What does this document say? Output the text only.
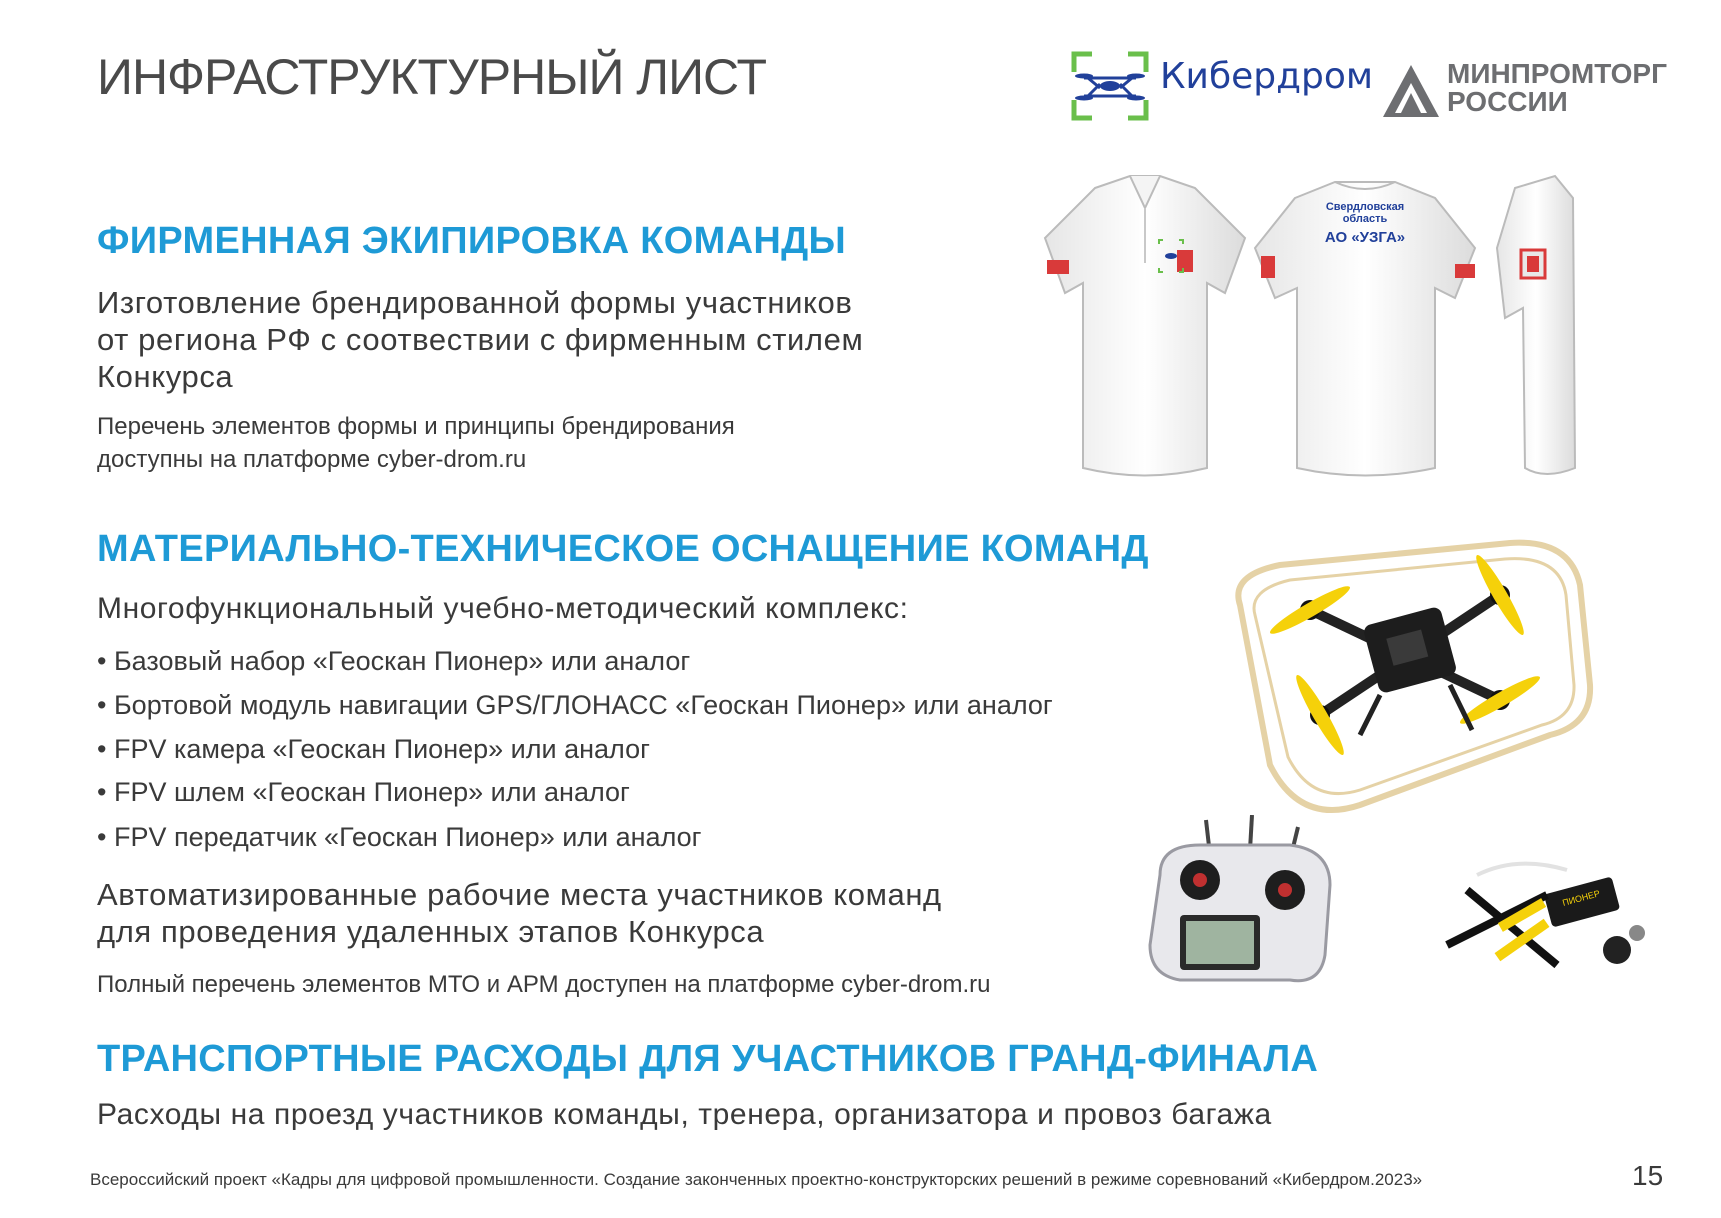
ИНФРАСТРУКТУРНЫЙ ЛИСТ	Кибердром	МИНПРОМТОРГ
РОССИИ
ФИРМЕННАЯ ЭКИПИРОВКА КОМАНДЫ
Изготовление брендированной формы участников
от региона РФ с соотвествии с фирменным стилем
Конкурса
Перечень элементов формы и принципы брендирования
доступны на платформе cyber-drom.ru
Свердловская
область
АО «УЗГА»
МАТЕРИАЛЬНО-ТЕХНИЧЕСКОЕ ОСНАЩЕНИЕ КОМАНД
Многофункциональный учебно-методический комплекс:
• Базовый набор «Геоскан Пионер» или аналог
• Бортовой модуль навигации GPS/ГЛОНАСС «Геоскан Пионер» или аналог
• FPV камера «Геоскан Пионер» или аналог
• FPV шлем «Геоскан Пионер» или аналог
• FPV передатчик «Геоскан Пионер» или аналог
Автоматизированные рабочие места участников команд
для проведения удаленных этапов Конкурса
Полный перечень элементов МТО и АРМ доступен на платформе cyber-drom.ru
ПИОНЕР
ТРАНСПОРТНЫЕ РАСХОДЫ ДЛЯ УЧАСТНИКОВ ГРАНД-ФИНАЛА
Расходы на проезд участников команды, тренера, организатора и провоз багажа
Всероссийский проект «Кадры для цифровой промышленности. Создание законченных проектно-конструкторских решений в режиме соревнований «Кибердром.2023»	15
